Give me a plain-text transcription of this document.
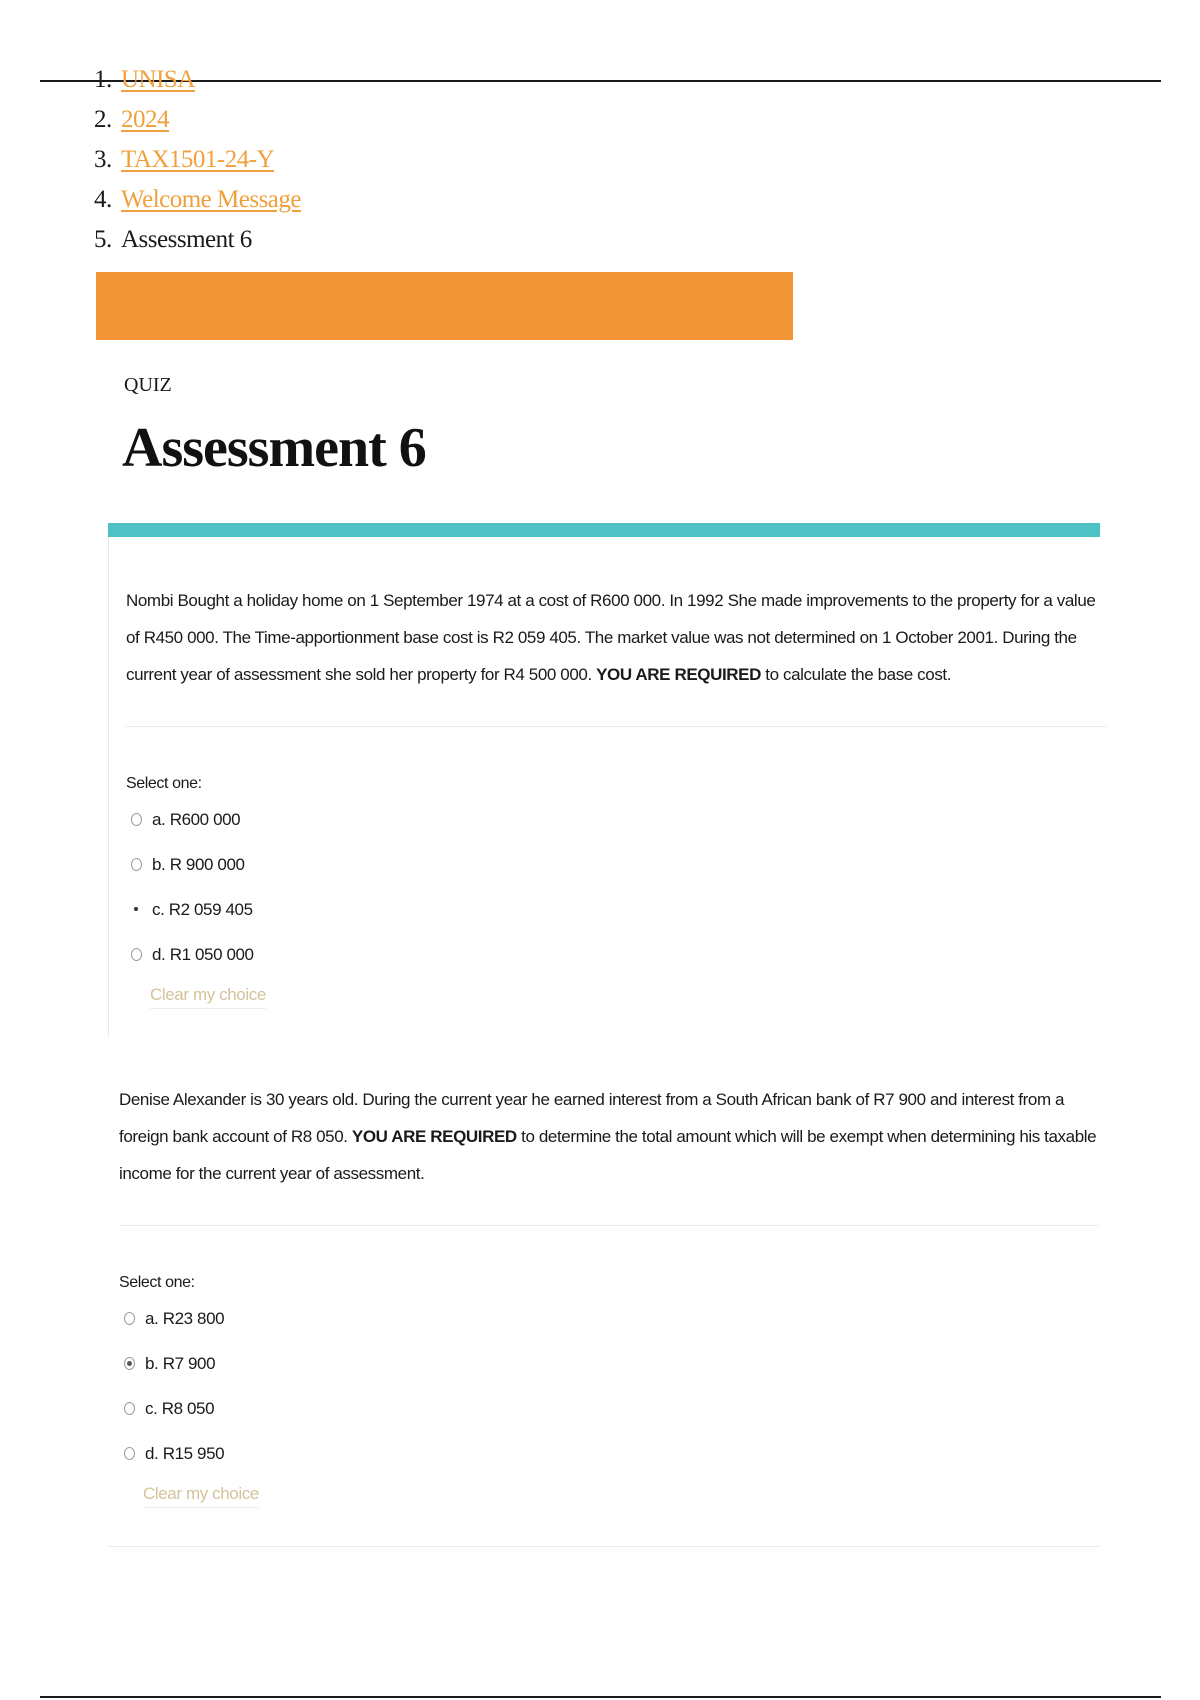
1. UNISA
2. 2024
3. TAX1501-24-Y
4. Welcome Message
5. Assessment 6
QUIZ
Assessment 6

Nombi Bought a holiday home on 1 September 1974 at a cost of R600 000. In 1992 She made improvements to the property for a value of R450 000. The Time-apportionment base cost is R2 059 405. The market value was not determined on 1 October 2001. During the current year of assessment she sold her property for R4 500 000. YOU ARE REQUIRED to calculate the base cost.

Select one:
a. R600 000
b. R 900 000
c. R2 059 405
d. R1 050 000
Clear my choice

Denise Alexander is 30 years old. During the current year he earned interest from a South African bank of R7 900 and interest from a foreign bank account of R8 050. YOU ARE REQUIRED to determine the total amount which will be exempt when determining his taxable income for the current year of assessment.

Select one:
a. R23 800
b. R7 900
c. R8 050
d. R15 950
Clear my choice
